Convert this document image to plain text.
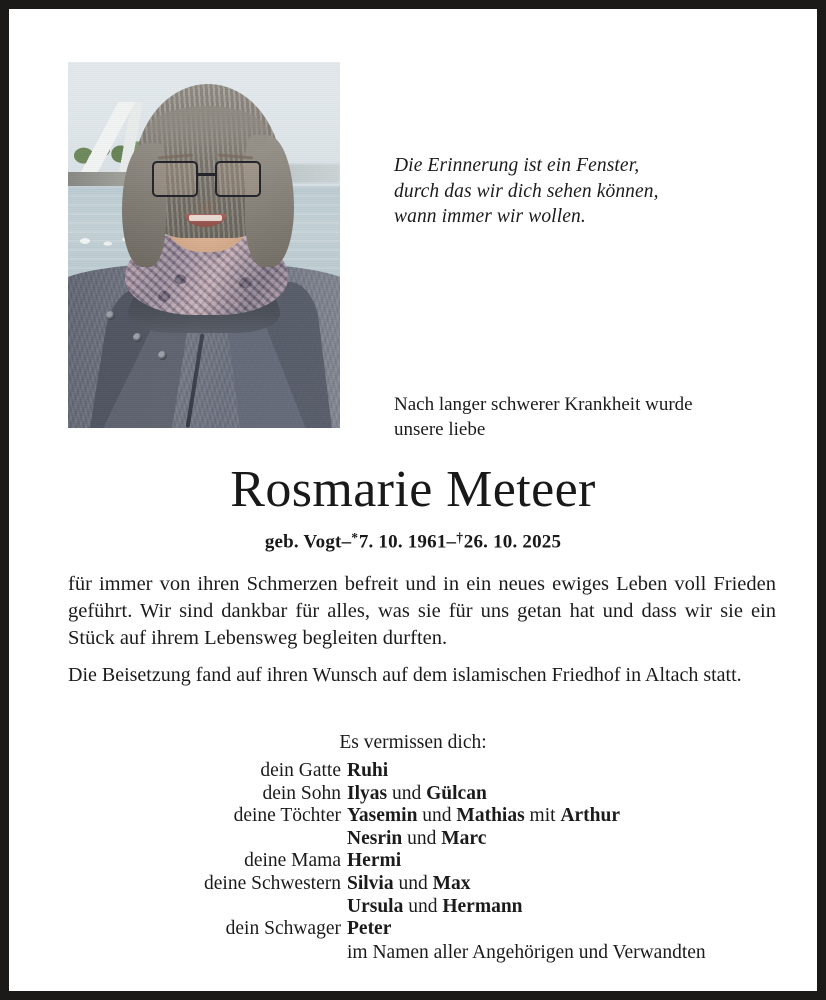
Die Erinnerung ist ein Fenster,
durch das wir dich sehen können,
wann immer wir wollen.
Nach langer schwerer Krankheit wurde
unsere liebe
Rosmarie Meteer
geb. Vogt–*7. 10. 1961–†26. 10. 2025
für immer von ihren Schmerzen befreit und in ein neues ewiges Leben voll Frieden geführt. Wir sind dankbar für alles, was sie für uns getan hat und dass wir sie ein Stück auf ihrem Lebensweg begleiten durften.
Die Beisetzung fand auf ihren Wunsch auf dem islamischen Friedhof in Altach statt.
Es vermissen dich:
dein Gatte Ruhi
dein Sohn Ilyas und Gülcan
deine Töchter Yasemin und Mathias mit Arthur
Nesrin und Marc
deine Mama Hermi
deine Schwestern Silvia und Max
Ursula und Hermann
dein Schwager Peter
im Namen aller Angehörigen und Verwandten
